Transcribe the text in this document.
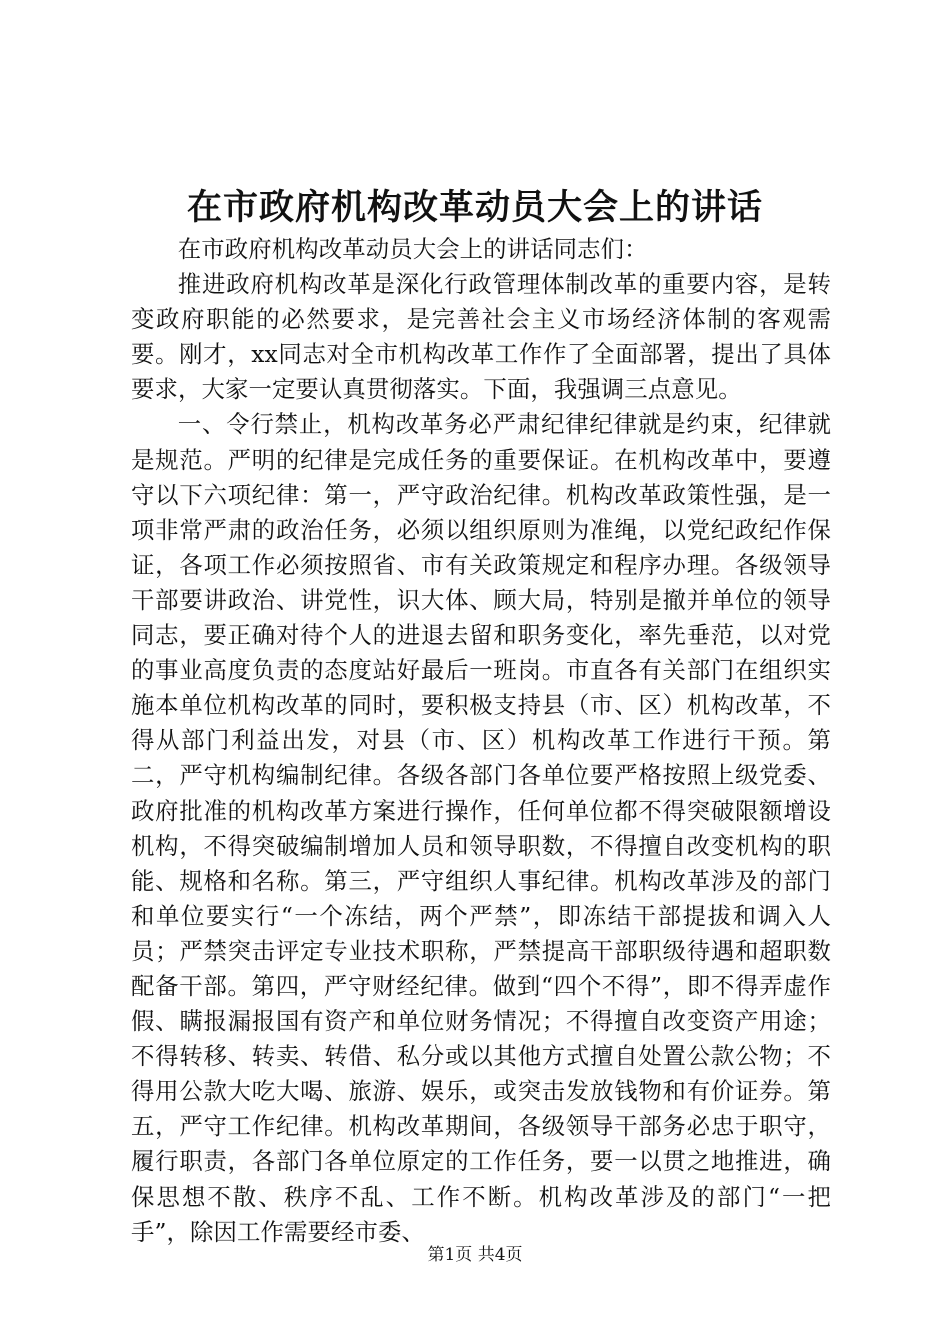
在市政府机构改革动员大会上的讲话

在市政府机构改革动员大会上的讲话同志们：

推进政府机构改革是深化行政管理体制改革的重要内容，是转变政府职能的必然要求，是完善社会主义市场经济体制的客观需要。刚才，xx同志对全市机构改革工作作了全面部署，提出了具体要求，大家一定要认真贯彻落实。下面，我强调三点意见。

一、令行禁止，机构改革务必严肃纪律纪律就是约束，纪律就是规范。严明的纪律是完成任务的重要保证。在机构改革中，要遵守以下六项纪律：第一，严守政治纪律。机构改革政策性强，是一项非常严肃的政治任务，必须以组织原则为准绳，以党纪政纪作保证，各项工作必须按照省、市有关政策规定和程序办理。各级领导干部要讲政治、讲党性，识大体、顾大局，特别是撤并单位的领导同志，要正确对待个人的进退去留和职务变化，率先垂范，以对党的事业高度负责的态度站好最后一班岗。市直各有关部门在组织实施本单位机构改革的同时，要积极支持县（市、区）机构改革，不得从部门利益出发，对县（市、区）机构改革工作进行干预。第二，严守机构编制纪律。各级各部门各单位要严格按照上级党委、政府批准的机构改革方案进行操作，任何单位都不得突破限额增设机构，不得突破编制增加人员和领导职数，不得擅自改变机构的职能、规格和名称。第三，严守组织人事纪律。机构改革涉及的部门和单位要实行“一个冻结，两个严禁”，即冻结干部提拔和调入人员；严禁突击评定专业技术职称，严禁提高干部职级待遇和超职数配备干部。第四，严守财经纪律。做到“四个不得”，即不得弄虚作假、瞒报漏报国有资产和单位财务情况；不得擅自改变资产用途；不得转移、转卖、转借、私分或以其他方式擅自处置公款公物；不得用公款大吃大喝、旅游、娱乐，或突击发放钱物和有价证券。第五，严守工作纪律。机构改革期间，各级领导干部务必忠于职守，履行职责，各部门各单位原定的工作任务，要一以贯之地推进，确保思想不散、秩序不乱、工作不断。机构改革涉及的部门“一把手”，除因工作需要经市委、

第1页 共4页
